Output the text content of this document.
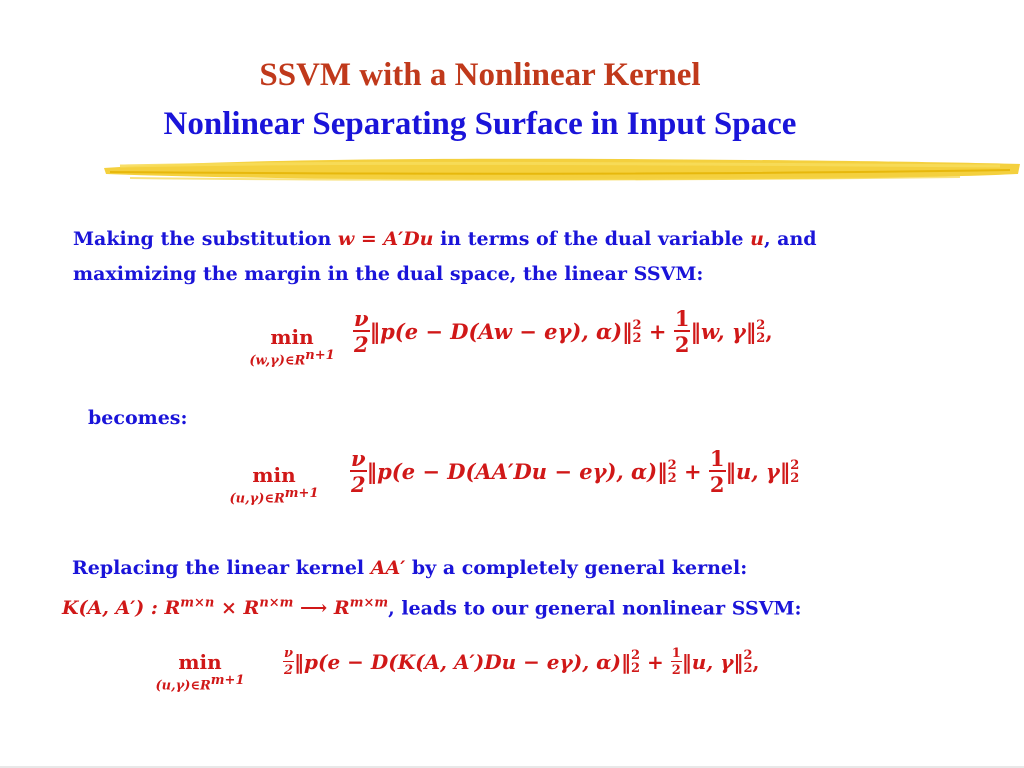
SSVM with a Nonlinear Kernel
Nonlinear Separating Surface in Input Space
Making the substitution w = A′Du in terms of the dual variable u, and
maximizing the margin in the dual space, the linear SSVM:
min
$(w,\gamma)\in R^{n+1}$
$\frac{\nu}{2}$ ‖p(e − D(Aw − eγ), α)‖ 2
$2 + \frac{1}{2}$ ‖w, γ‖ 2
2 ,
becomes:
min
$(u,\gamma)\in R^{m+1}$	$\frac{\nu}{2}$ ‖p(e − D(AA′Du − eγ), α)‖ 2
$2 + \frac{1}{2}$ ‖u, γ‖ 2
2
Replacing the linear kernel AA′ by a completely general kernel:
K(A, A′) : $R^{m\times n} \times R^{n\times m}$ ⟶ $R^{m\times m}$, leads to our general nonlinear SSVM:
min
$(u,\gamma)\in R^{m+1}$
$\frac{\nu}{2}$ ‖p(e − D(K(A, A′)Du − eγ), α)‖ 2
$2 + \frac{1}{2}$ ‖u, γ‖ 2
2 ,
